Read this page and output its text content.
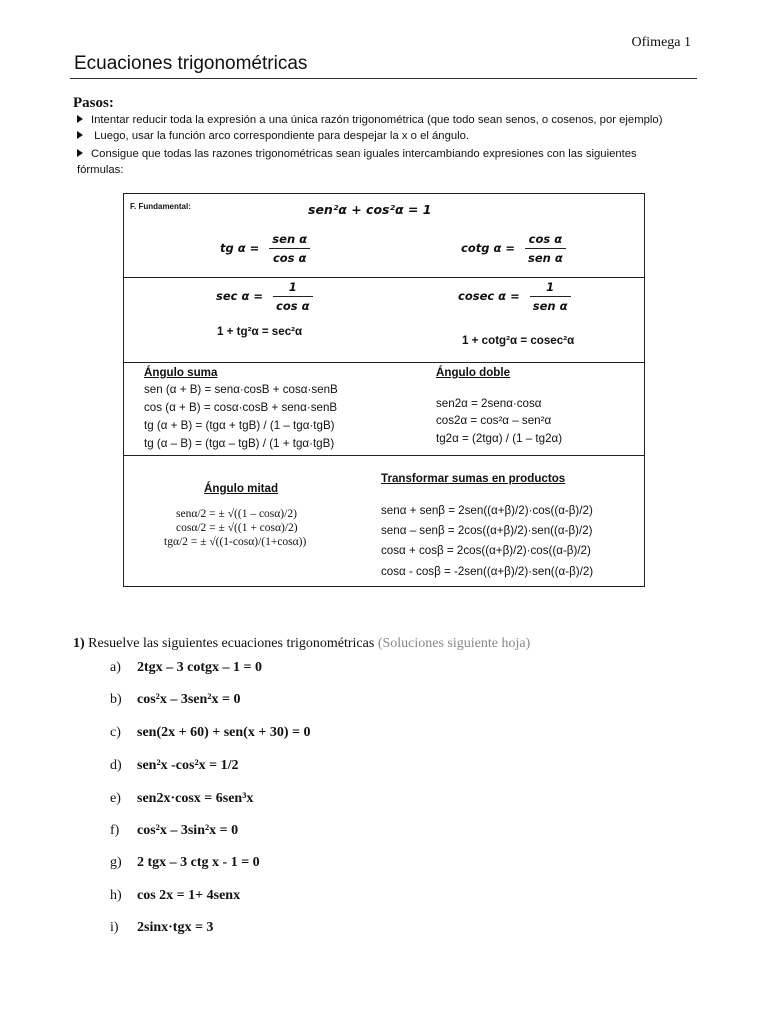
Ofimega 1
Ecuaciones trigonométricas
Pasos:
Intentar reducir toda la expresión a una única razón trigonométrica (que todo sean senos, o cosenos, por ejemplo)
Luego, usar la función arco correspondiente para despejar la x o el ángulo.
Consigue que todas las razones trigonométricas sean iguales intercambiando expresiones con las siguientes
fórmulas:
F. Fundamental:	sen²α + cos²α = 1
tg $\alpha = \frac{\text{sen α}}{\text{cos α}}$	cotg $\alpha = \frac{\text{cos α}}{\text{sen α}}$
$\sec \alpha = \frac{1}{\text{cos α}}$	cosec $\alpha = \frac{1}{\text{sen α}}$
1 + tg²α = sec²α
1 + cotg²α = cosec²α
Ángulo suma
sen (α + B) = senα·cosB + cosα·senB
cos (α + B) = cosα·cosB + senα·senB
tg (α + B) = (tgα + tgB) / (1 – tgα·tgB)
tg (α – B) = (tgα – tgB) / (1 + tgα·tgB)
Ángulo doble
sen2α = 2senα·cosα
cos2α = cos²α – sen²α
tg2α = (2tgα) / (1 – tg2α)
Ángulo mitad
senα/2 = ± √((1 – cosα)/2)
cosα/2 = ± √((1 + cosα)/2)
tgα/2 = ± √((1-cosα)/(1+cosα))
Transformar sumas en productos
senα + senβ = 2sen((α+β)/2)·cos((α-β)/2)
senα – senβ = 2cos((α+β)/2)·sen((α-β)/2)
cosα + cosβ = 2cos((α+β)/2)·cos((α-β)/2)
cosα - cosβ = -2sen((α+β)/2)·sen((α-β)/2)
1) Resuelve las siguientes ecuaciones trigonométricas (Soluciones siguiente hoja)
a) 2tgx – 3 cotgx – 1 = 0
b) cos²x – 3sen²x = 0
c) sen(2x + 60) + sen(x + 30) = 0
d) sen²x -cos²x = 1/2
e) sen2x·cosx = 6sen³x
f) cos²x – 3sin²x = 0
g) 2 tgx – 3 ctg x - 1 = 0
h) cos 2x = 1+ 4senx
i) 2sinx·tgx = 3
